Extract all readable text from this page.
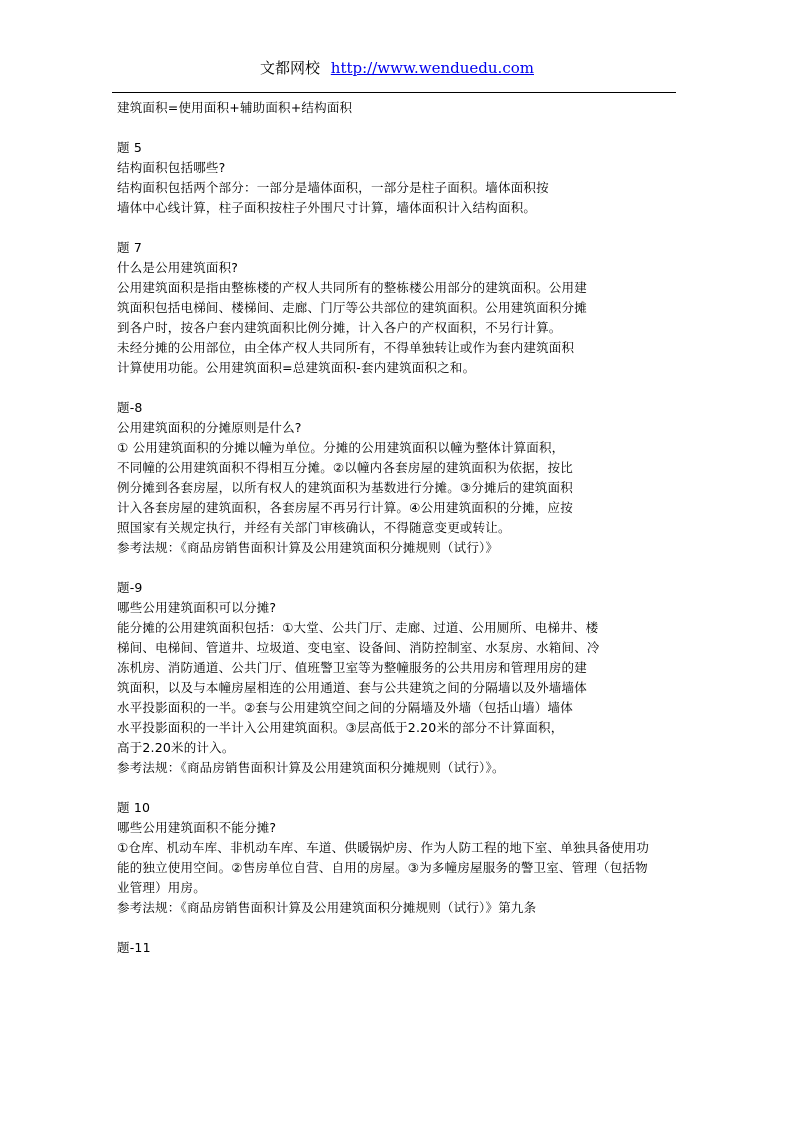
文都网校 http://www.wenduedu.com

建筑面积=使用面积+辅助面积+结构面积

题 5

结构面积包括哪些?

结构面积包括两个部分：一部分是墙体面积，一部分是柱子面积。墙体面积按

墙体中心线计算，柱子面积按柱子外围尺寸计算，墙体面积计入结构面积。

题 7

什么是公用建筑面积?

公用建筑面积是指由整栋楼的产权人共同所有的整栋楼公用部分的建筑面积。公用建

筑面积包括电梯间、楼梯间、走廊、门厅等公共部位的建筑面积。公用建筑面积分摊

到各户时，按各户套内建筑面积比例分摊，计入各户的产权面积，不另行计算。

未经分摊的公用部位，由全体产权人共同所有，不得单独转让或作为套内建筑面积

计算使用功能。公用建筑面积=总建筑面积-套内建筑面积之和。

题-8

公用建筑面积的分摊原则是什么?

① 公用建筑面积的分摊以幢为单位。分摊的公用建筑面积以幢为整体计算面积，

不同幢的公用建筑面积不得相互分摊。②以幢内各套房屋的建筑面积为依据，按比

例分摊到各套房屋，以所有权人的建筑面积为基数进行分摊。③分摊后的建筑面积

计入各套房屋的建筑面积，各套房屋不再另行计算。④公用建筑面积的分摊，应按

照国家有关规定执行，并经有关部门审核确认，不得随意变更或转让。

参考法规：《商品房销售面积计算及公用建筑面积分摊规则（试行）》

题-9

哪些公用建筑面积可以分摊?

能分摊的公用建筑面积包括：①大堂、公共门厅、走廊、过道、公用厕所、电梯井、楼

梯间、电梯间、管道井、垃圾道、变电室、设备间、消防控制室、水泵房、水箱间、冷

冻机房、消防通道、公共门厅、值班警卫室等为整幢服务的公共用房和管理用房的建

筑面积，以及与本幢房屋相连的公用通道、套与公共建筑之间的分隔墙以及外墙墙体

水平投影面积的一半。②套与公用建筑空间之间的分隔墙及外墙（包括山墙）墙体

水平投影面积的一半计入公用建筑面积。③层高低于2.20米的部分不计算面积，

高于2.20米的计入。

参考法规：《商品房销售面积计算及公用建筑面积分摊规则（试行）》。

题 10

哪些公用建筑面积不能分摊?

①仓库、机动车库、非机动车库、车道、供暖锅炉房、作为人防工程的地下室、单独具备使用功

能的独立使用空间。②售房单位自营、自用的房屋。③为多幢房屋服务的警卫室、管理（包括物

业管理）用房。

参考法规：《商品房销售面积计算及公用建筑面积分摊规则（试行）》第九条

题-11
